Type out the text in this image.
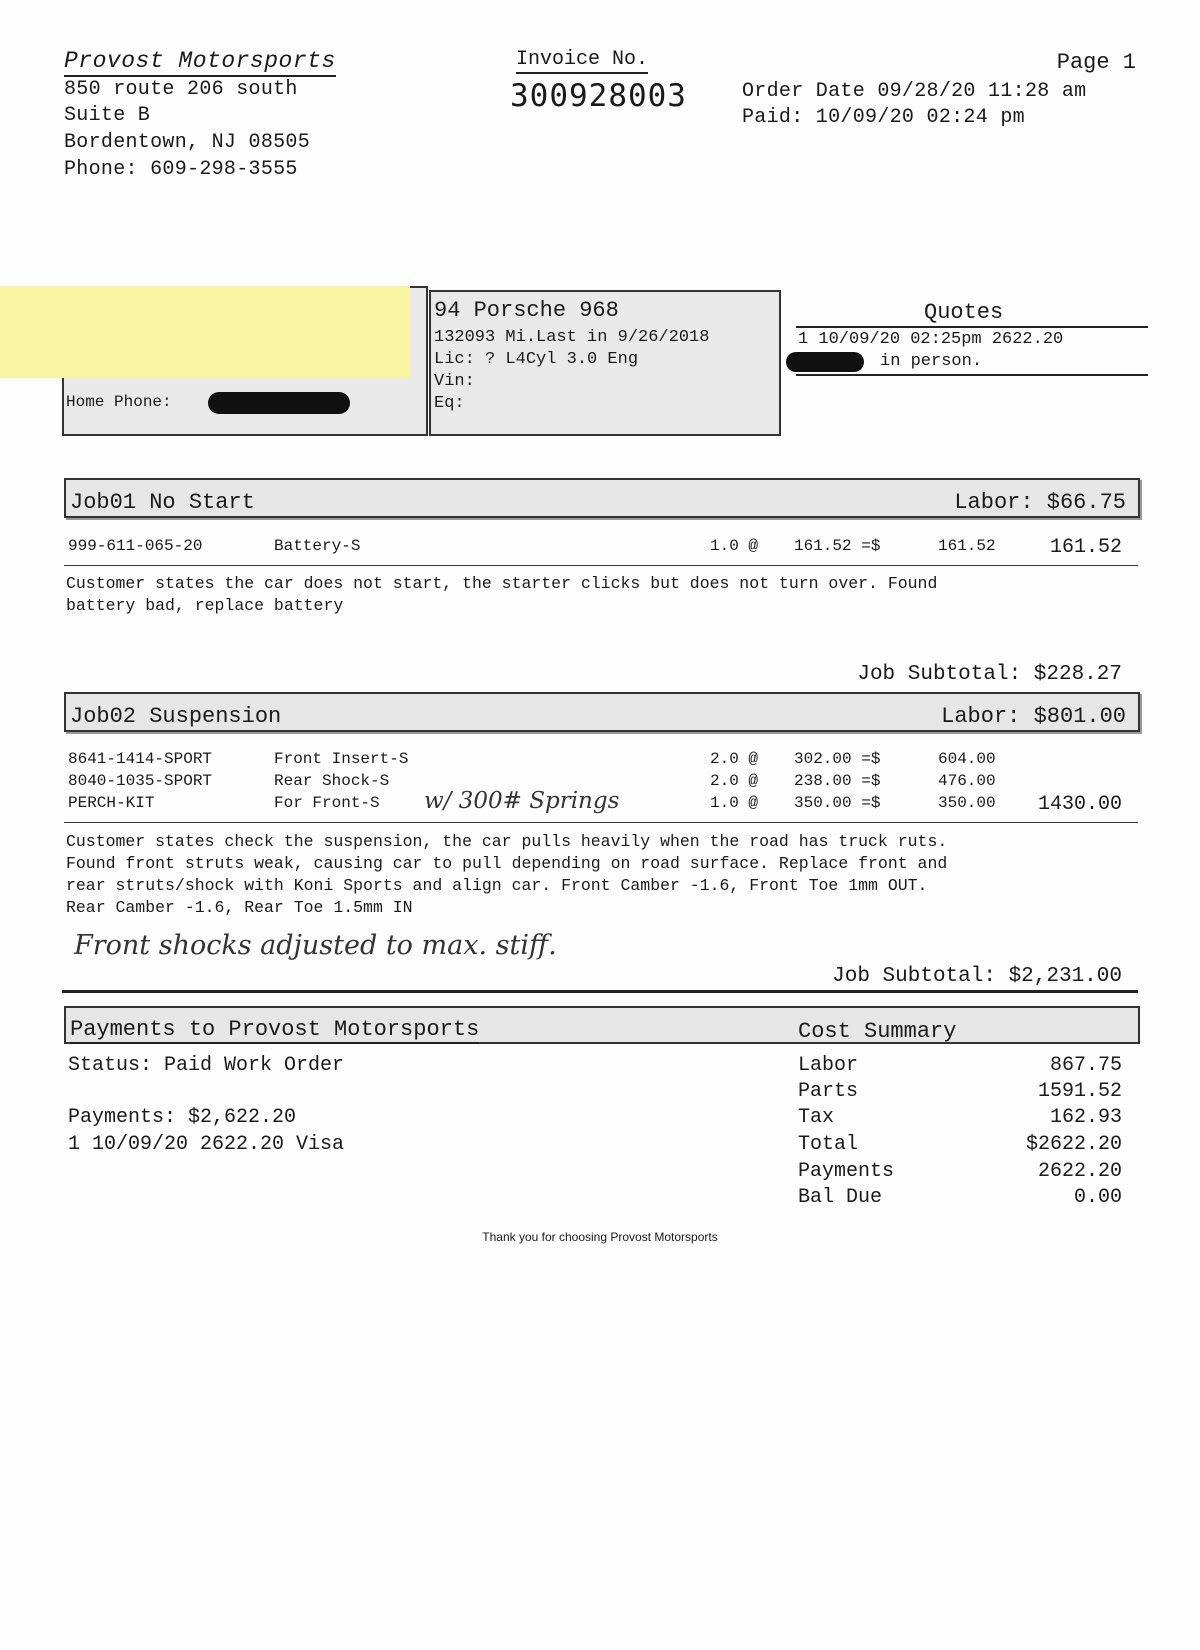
Provost Motorsports
850 route 206 south
Suite B
Bordentown, NJ 08505
Phone: 609-298-3555
Invoice No.
300928003
Page 1
Order Date 09/28/20 11:28 am
Paid: 10/09/20 02:24 pm
Home Phone:
94 Porsche 968
132093 Mi.Last in 9/26/2018
Lic: ? L4Cyl 3.0 Eng
Vin:
Eq:
Quotes
1 10/09/20 02:25pm 2622.20
in person.
Job01 No Start	Labor: $66.75
999-611-065-20	Battery-S	1.0 @ 161.52 =$	161.52	161.52
Customer states the car does not start, the starter clicks but does not turn over. Found
battery bad, replace battery
Job Subtotal: $228.27
Job02 Suspension	Labor: $801.00
8641-1414-SPORT	Front Insert-S	2.0 @ 302.00 =$	604.00
8040-1035-SPORT	Rear Shock-S	2.0 @ 238.00 =$	476.00
PERCH-KIT	For Front-S w/ 300# Springs	1.0 @ 350.00 =$	350.00 1430.00
Customer states check the suspension, the car pulls heavily when the road has truck ruts.
Found front struts weak, causing car to pull depending on road surface. Replace front and
rear struts/shock with Koni Sports and align car. Front Camber -1.6, Front Toe 1mm OUT.
Rear Camber -1.6, Rear Toe 1.5mm IN
Front shocks adjusted to max. stiff.
Job Subtotal: $2,231.00
Payments to Provost Motorsports	Cost Summary
Status: Paid Work Order
Payments: $2,622.20
1 10/09/20 2622.20 Visa
Labor	867.75
Parts	1591.52
Tax	162.93
Total	$2622.20
Payments	2622.20
Bal Due	0.00
Thank you for choosing Provost Motorsports
